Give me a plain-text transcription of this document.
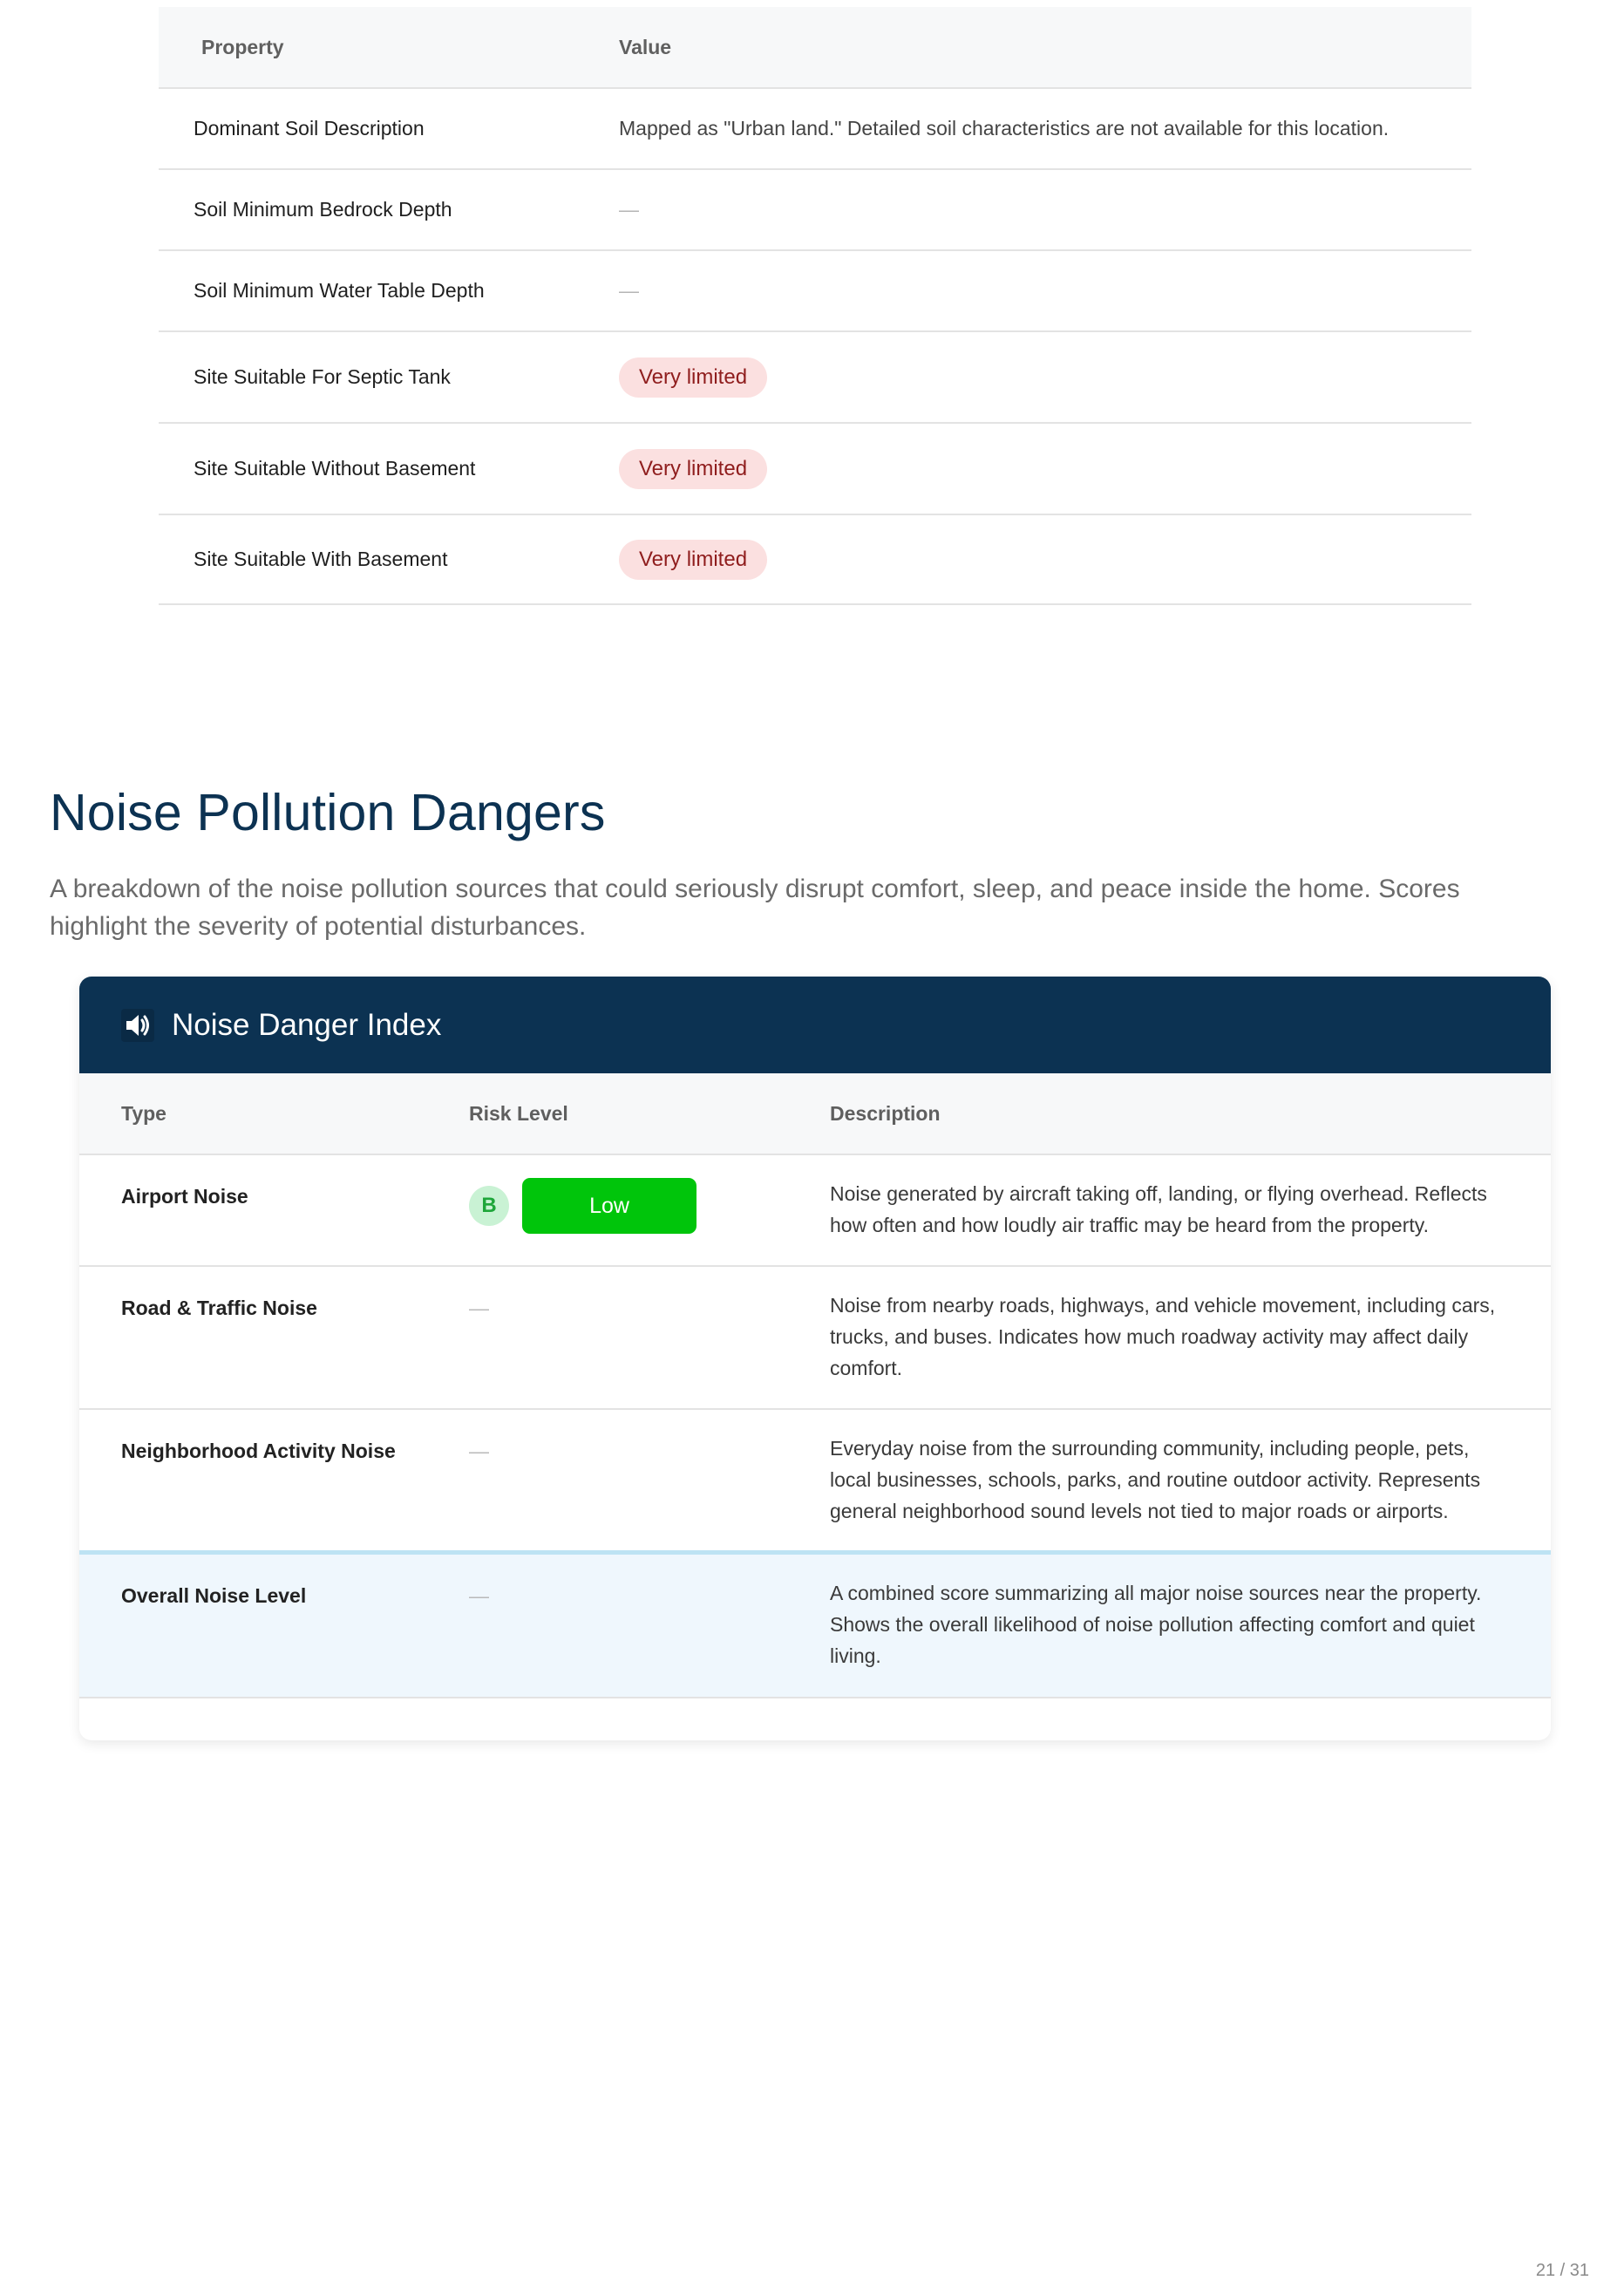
Property	Value
Dominant Soil Description	Mapped as "Urban land." Detailed soil characteristics are not available for this location.
Soil Minimum Bedrock Depth	—
Soil Minimum Water Table Depth	—
Site Suitable For Septic Tank	Very limited
Site Suitable Without Basement	Very limited
Site Suitable With Basement	Very limited
Noise Pollution Dangers

A breakdown of the noise pollution sources that could seriously disrupt comfort, sleep, and peace inside the home. Scores highlight the severity of potential disturbances.

Noise Danger Index
Type	Risk Level	Description
Airport Noise	B Low	Noise generated by aircraft taking off, landing, or flying overhead. Reflects how often and how loudly air traffic may be heard from the property.
Road & Traffic Noise	—	Noise from nearby roads, highways, and vehicle movement, including cars, trucks, and buses. Indicates how much roadway activity may affect daily comfort.
Neighborhood Activity Noise	—	Everyday noise from the surrounding community, including people, pets, local businesses, schools, parks, and routine outdoor activity. Represents general neighborhood sound levels not tied to major roads or airports.
Overall Noise Level	—	A combined score summarizing all major noise sources near the property. Shows the overall likelihood of noise pollution affecting comfort and quiet living.
21 / 31
